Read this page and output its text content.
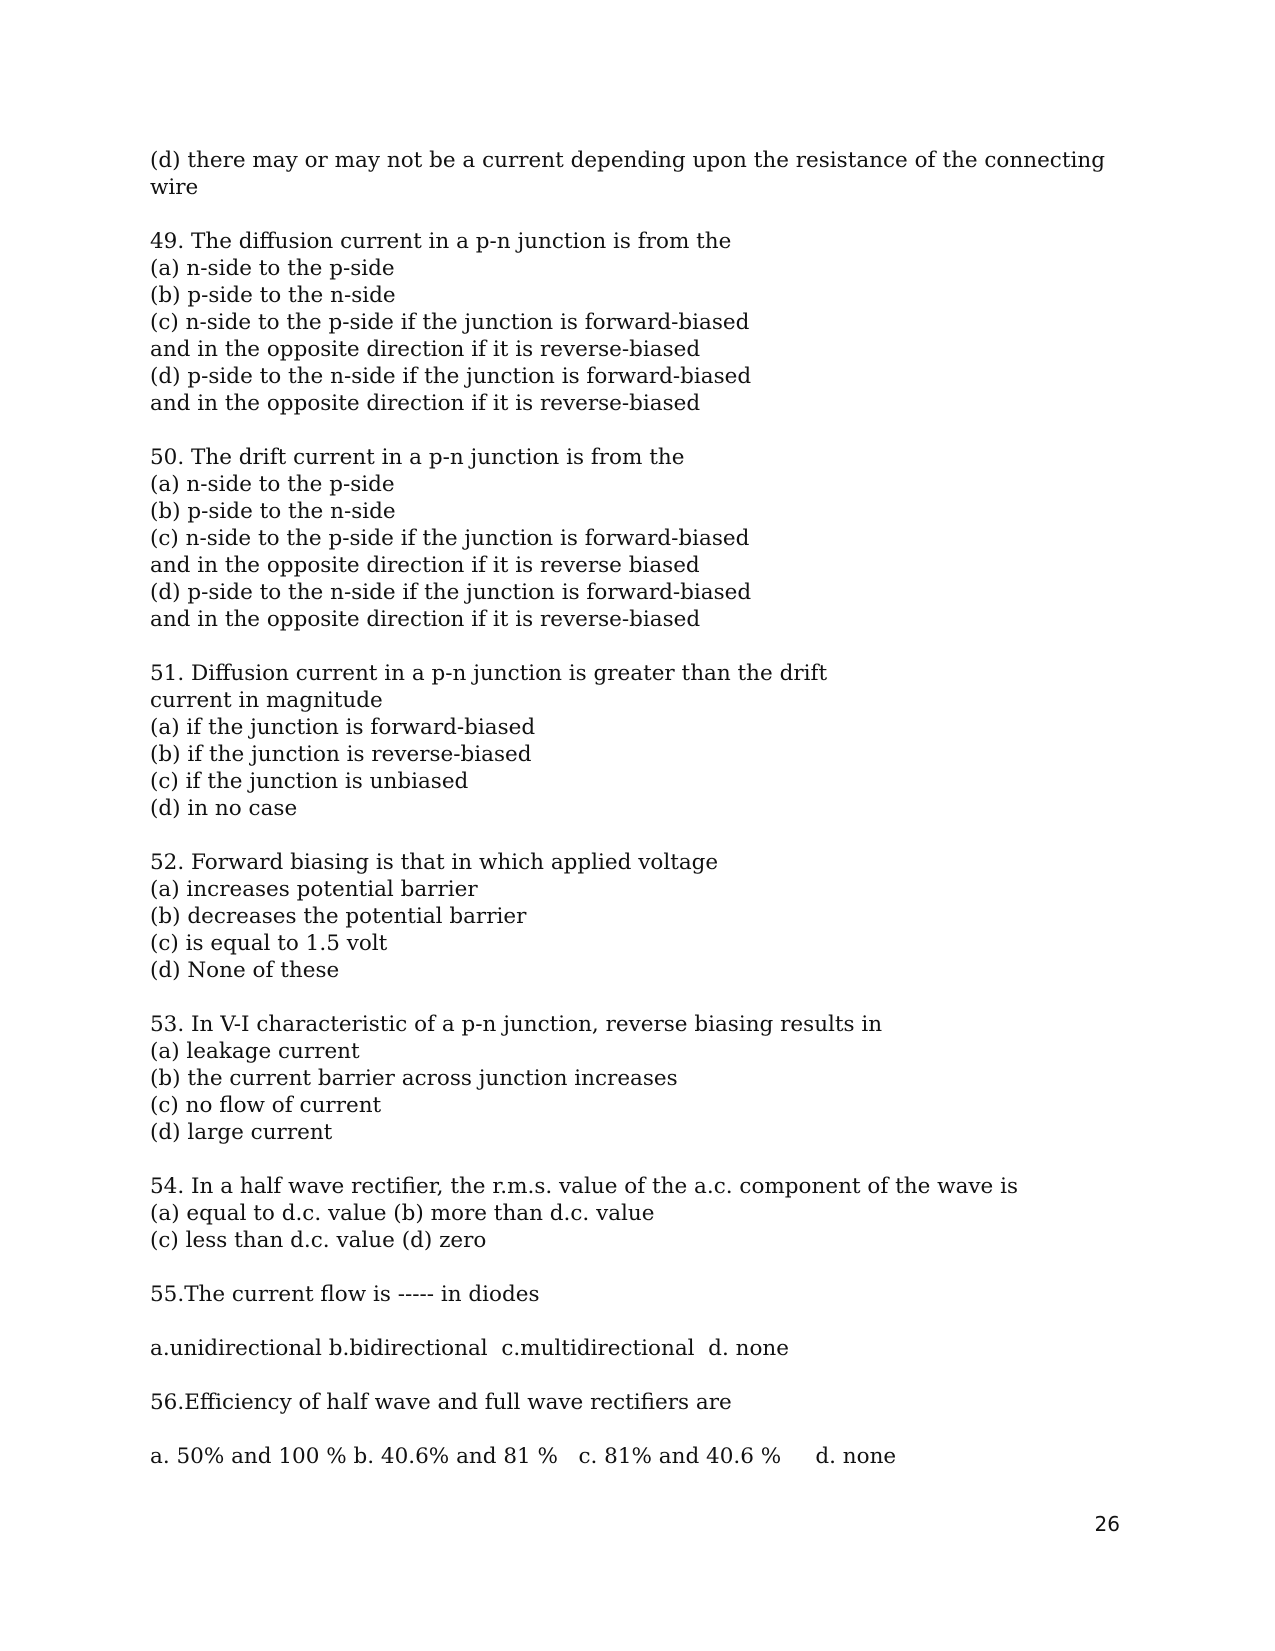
(d) there may or may not be a current depending upon the resistance of the connecting

wire

49. The diffusion current in a p-n junction is from the

(a) n-side to the p-side

(b) p-side to the n-side

(c) n-side to the p-side if the junction is forward-biased

and in the opposite direction if it is reverse-biased

(d) p-side to the n-side if the junction is forward-biased

and in the opposite direction if it is reverse-biased

50. The drift current in a p-n junction is from the

(a) n-side to the p-side

(b) p-side to the n-side

(c) n-side to the p-side if the junction is forward-biased

and in the opposite direction if it is reverse biased

(d) p-side to the n-side if the junction is forward-biased

and in the opposite direction if it is reverse-biased

51. Diffusion current in a p-n junction is greater than the drift

current in magnitude

(a) if the junction is forward-biased

(b) if the junction is reverse-biased

(c) if the junction is unbiased

(d) in no case

52. Forward biasing is that in which applied voltage

(a) increases potential barrier

(b) decreases the potential barrier

(c) is equal to 1.5 volt

(d) None of these

53. In V-I characteristic of a p-n junction, reverse biasing results in

(a) leakage current

(b) the current barrier across junction increases

(c) no flow of current

(d) large current

54. In a half wave rectifier, the r.m.s. value of the a.c. component of the wave is

(a) equal to d.c. value (b) more than d.c. value

(c) less than d.c. value (d) zero

55.The current flow is ----- in diodes

a.unidirectional b.bidirectional  c.multidirectional  d. none

56.Efficiency of half wave and full wave rectifiers are

a. 50% and 100 % b. 40.6% and 81 %   c. 81% and 40.6 %     d. none

26
